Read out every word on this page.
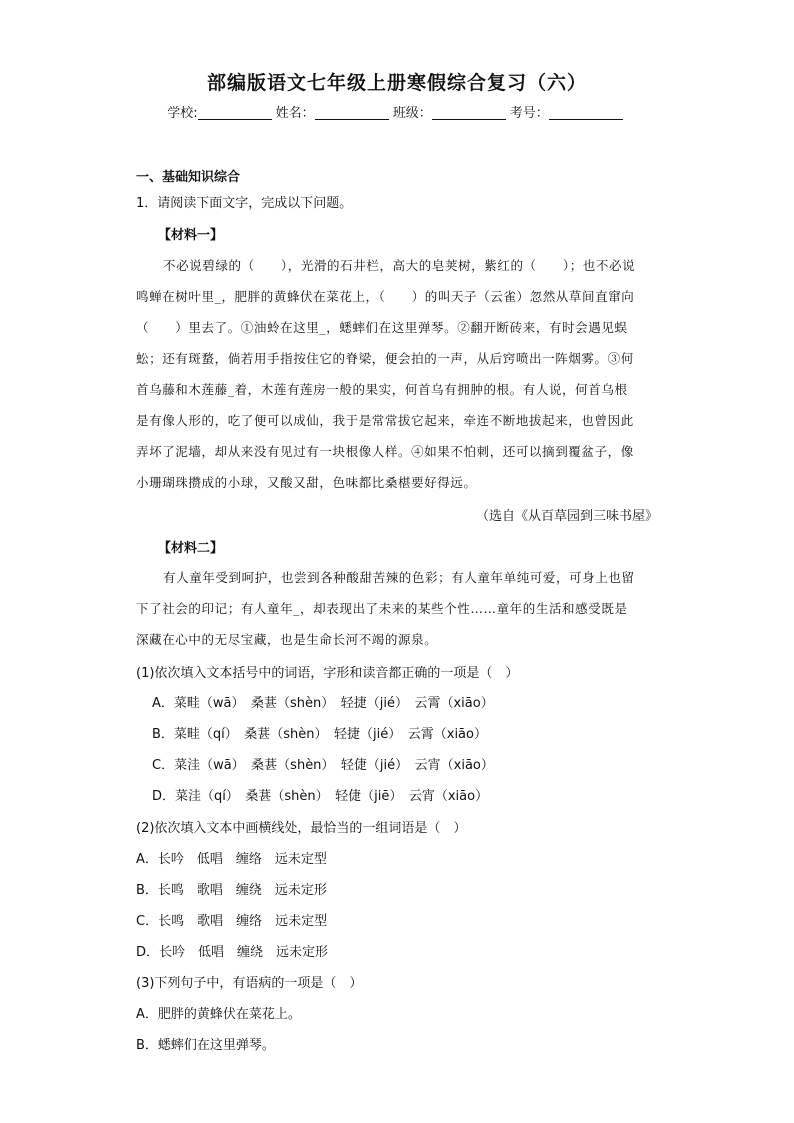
部编版语文七年级上册寒假综合复习（六）
学校:	姓名：	班级：	考号：
一、基础知识综合
1．请阅读下面文字，完成以下问题。
【材料一】
不必说碧绿的（　　），光滑的石井栏，高大的皂荚树，紫红的（　　）；也不必说
鸣蝉在树叶里_，肥胖的黄蜂伏在菜花上，（　　）的叫天子（云雀）忽然从草间直窜向
（　　）里去了。①油蛉在这里_，蟋蟀们在这里弹琴。②翻开断砖来，有时会遇见蜈
蚣；还有斑蝥，倘若用手指按住它的脊梁，便会拍的一声，从后窍喷出一阵烟雾。③何
首乌藤和木莲藤_着，木莲有莲房一般的果实，何首乌有拥肿的根。有人说，何首乌根
是有像人形的，吃了便可以成仙，我于是常常拔它起来，牵连不断地拔起来，也曾因此
弄坏了泥墙，却从来没有见过有一块根像人样。④如果不怕刺，还可以摘到覆盆子，像
小珊瑚珠攒成的小球，又酸又甜，色味都比桑椹要好得远。
（选自《从百草园到三味书屋》
【材料二】
有人童年受到呵护，也尝到各种酸甜苦辣的色彩；有人童年单纯可爱，可身上也留
下了社会的印记；有人童年_，却表现出了未来的某些个性……童年的生活和感受既是
深藏在心中的无尽宝藏，也是生命长河不竭的源泉。
(1)依次填入文本括号中的词语，字形和读音都正确的一项是（　）
A．菜畦（wā）　桑葚（shèn）　轻捷（jié）　云霄（xiāo）
B．菜畦（qí）　桑葚（shèn）　轻捷（jié）　云霄（xiāo）
C．菜洼（wā）　桑葚（shèn）　轻倢（jié）　云宵（xiāo）
D．菜洼（qí）　桑葚（shèn）　轻倢（jiē）　云宵（xiāo）
(2)依次填入文本中画横线处，最恰当的一组词语是（　）
A．长吟　低唱　缠络　远未定型
B．长鸣　歌唱　缠绕　远未定形
C．长鸣　歌唱　缠络　远未定型
D．长吟　低唱　缠绕　远未定形
(3)下列句子中，有语病的一项是（　）
A．肥胖的黄蜂伏在菜花上。
B．蟋蟀们在这里弹琴。
